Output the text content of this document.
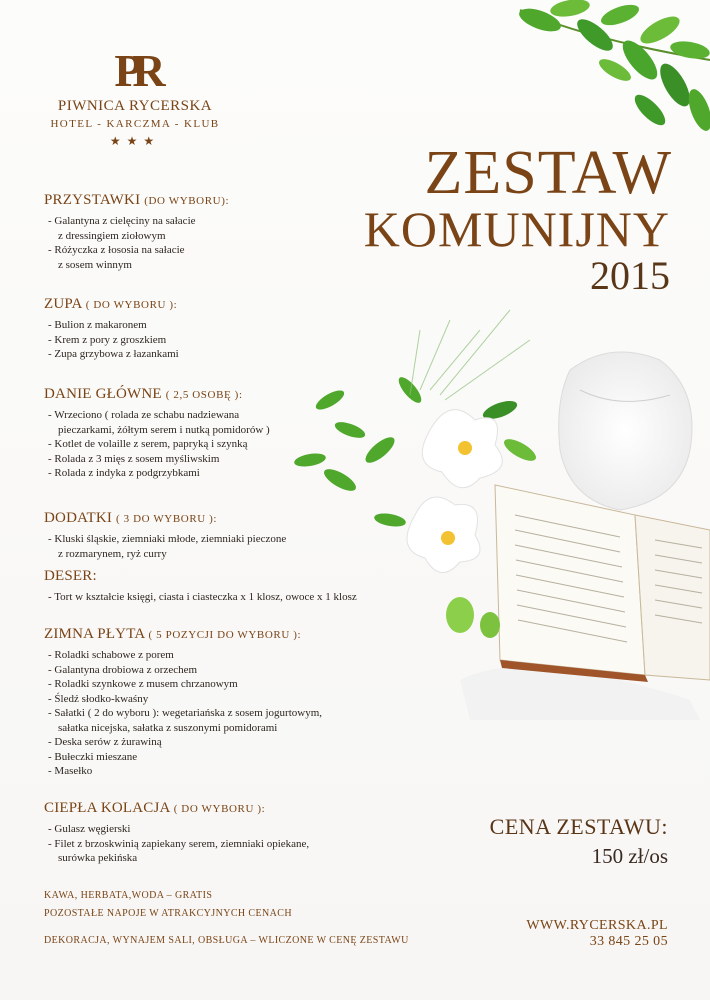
PR
PIWNICA RYCERSKA
HOTEL - KARCZMA - KLUB
★★★	ZESTAW
KOMUNIJNY
2015
PRZYSTAWKI (DO WYBORU):
- Galantyna z cielęciny na sałacie
z dressingiem ziołowym
- Różyczka z łososia na sałacie
z sosem winnym
ZUPA ( DO WYBORU ):
- Bulion z makaronem
- Krem z pory z groszkiem
- Zupa grzybowa z łazankami
DANIE GŁÓWNE ( 2,5 OSOBĘ ):
- Wrzeciono ( rolada ze schabu nadziewana
pieczarkami, żółtym serem i nutką pomidorów )
- Kotlet de volaille z serem, papryką i szynką
- Rolada z 3 mięs z sosem myśliwskim
- Rolada z indyka z podgrzybkami
DODATKI ( 3 DO WYBORU ):
- Kluski śląskie, ziemniaki młode, ziemniaki pieczone
z rozmarynem, ryż curry
DESER:
- Tort w kształcie księgi, ciasta i ciasteczka x 1 klosz, owoce x 1 klosz
ZIMNA PŁYTA ( 5 POZYCJI DO WYBORU ):
- Roladki schabowe z porem
- Galantyna drobiowa z orzechem
- Roladki szynkowe z musem chrzanowym
- Śledź słodko-kwaśny
- Sałatki ( 2 do wyboru ): wegetariańska z sosem jogurtowym,
sałatka nicejska, sałatka z suszonymi pomidorami
- Deska serów z żurawiną
- Bułeczki mieszane
- Masełko
CIEPŁA KOLACJA ( DO WYBORU ):
- Gulasz węgierski
- Filet z brzoskwinią zapiekany serem, ziemniaki opiekane,
surówka pekińska
CENA ZESTAWU:
150 zł/os
KAWA, HERBATA,WODA – GRATIS
POZOSTAŁE NAPOJE W ATRAKCYJNYCH CENACH
DEKORACJA, WYNAJEM SALI, OBSŁUGA – WLICZONE W CENĘ ZESTAWU
WWW.RYCERSKA.PL
33 845 25 05
